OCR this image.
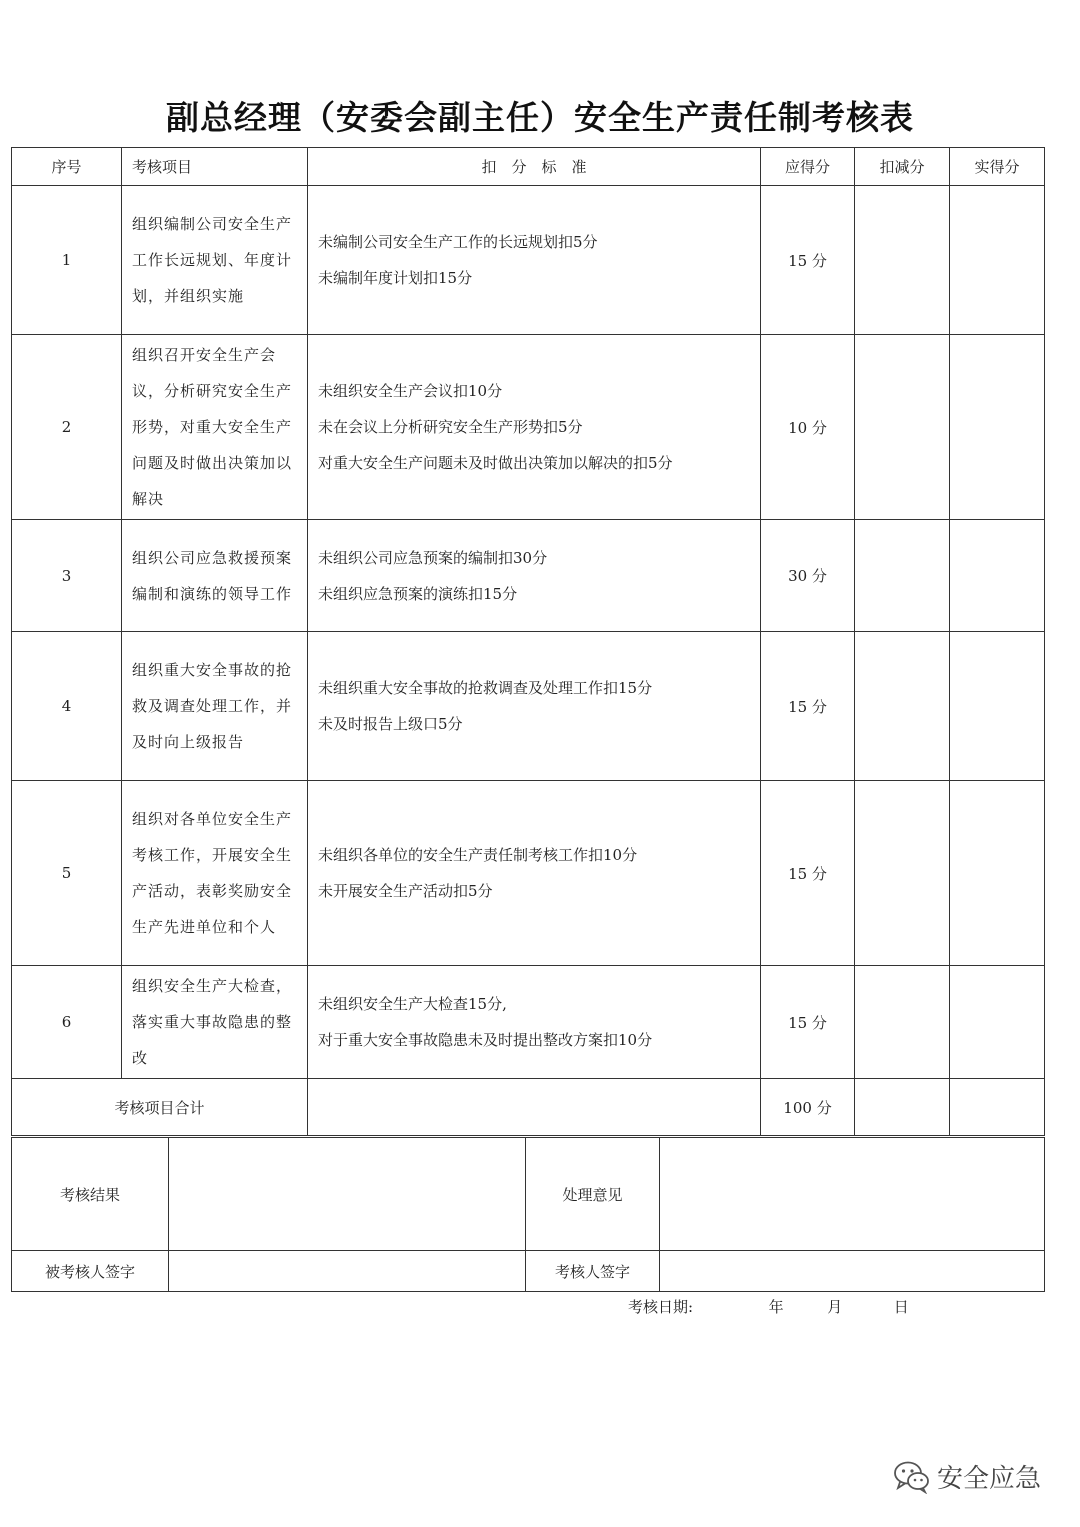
副总经理（安委会副主任）安全生产责任制考核表
序号	考核项目	扣　分　标　准	应得分	扣减分	实得分
1	组织编制公司安全生产工作长远规划、年度计划，并组织实施	未编制公司安全生产工作的长远规划扣5分
未编制年度计划扣15分	15 分		
2	组织召开安全生产会议，分析研究安全生产形势，对重大安全生产问题及时做出决策加以解决	未组织安全生产会议扣10分
未在会议上分析研究安全生产形势扣5分
对重大安全生产问题未及时做出决策加以解决的扣5分	10 分		
3	组织公司应急救援预案编制和演练的领导工作	未组织公司应急预案的编制扣30分
未组织应急预案的演练扣15分	30 分		
4	组织重大安全事故的抢救及调查处理工作，并及时向上级报告	未组织重大安全事故的抢救调查及处理工作扣15分
未及时报告上级口5分	15 分		
5	组织对各单位安全生产考核工作，开展安全生产活动，表彰奖励安全生产先进单位和个人	未组织各单位的安全生产责任制考核工作扣10分
未开展安全生产活动扣5分	15 分		
6	组织安全生产大检查，落实重大事故隐患的整改	未组织安全生产大检查15分,
对于重大安全事故隐患未及时提出整改方案扣10分	15 分		
考核项目合计			100 分		
考核结果		处理意见	
被考核人签字		考核人签字	
考核日期:	年	月	日
安全应急
